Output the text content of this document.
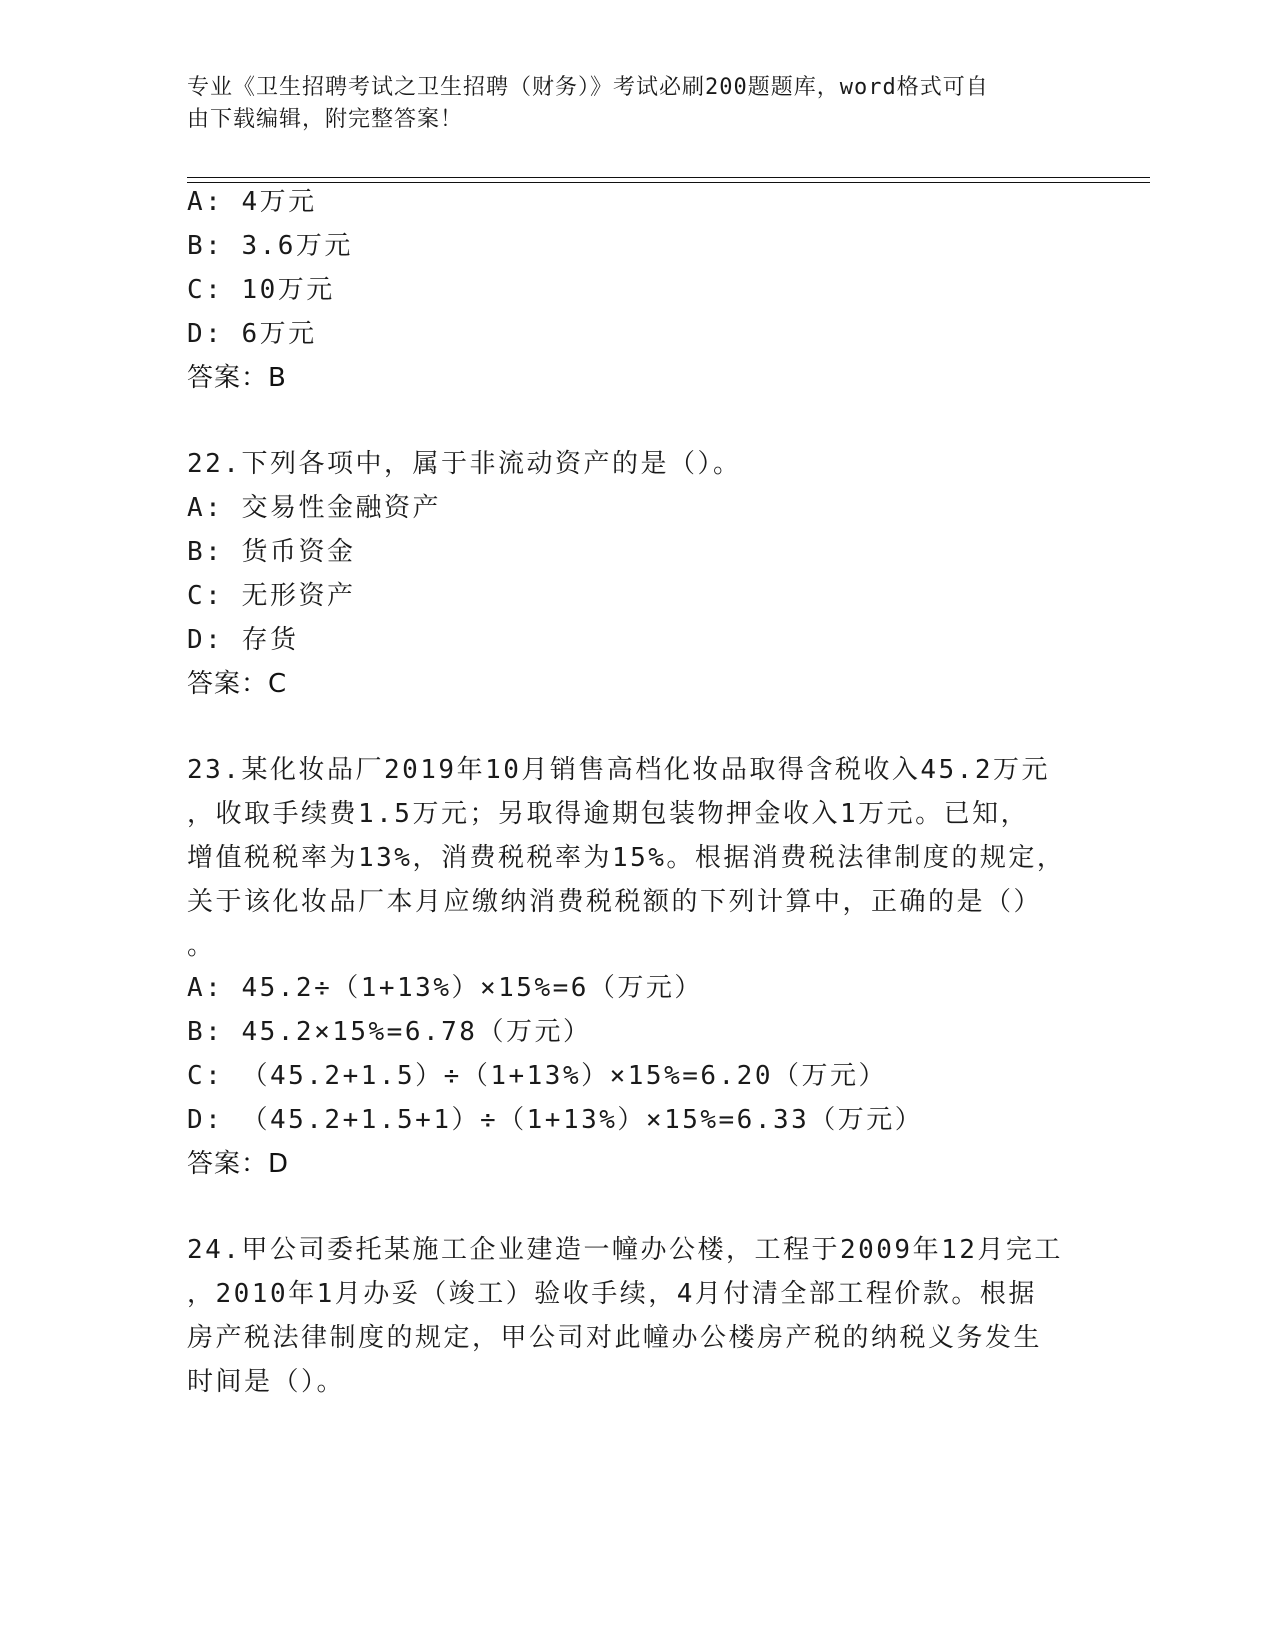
专业《卫生招聘考试之卫生招聘（财务）》考试必刷200题题库，word格式可自
由下载编辑，附完整答案！
A: 4万元
B: 3.6万元
C: 10万元
D: 6万元
答案：B
22.下列各项中，属于非流动资产的是（）。
A: 交易性金融资产
B: 货币资金
C: 无形资产
D: 存货
答案：C
23.某化妆品厂2019年10月销售高档化妆品取得含税收入45.2万元
，收取手续费1.5万元；另取得逾期包装物押金收入1万元。已知，
增值税税率为13%，消费税税率为15%。根据消费税法律制度的规定，
关于该化妆品厂本月应缴纳消费税税额的下列计算中，正确的是（）
。
A: 45.2÷（1+13%）×15%=6（万元）
B: 45.2×15%=6.78（万元）
C: （45.2+1.5）÷（1+13%）×15%=6.20（万元）
D: （45.2+1.5+1）÷（1+13%）×15%=6.33（万元）
答案：D
24.甲公司委托某施工企业建造一幢办公楼，工程于2009年12月完工
，2010年1月办妥（竣工）验收手续，4月付清全部工程价款。根据
房产税法律制度的规定，甲公司对此幢办公楼房产税的纳税义务发生
时间是（）。
